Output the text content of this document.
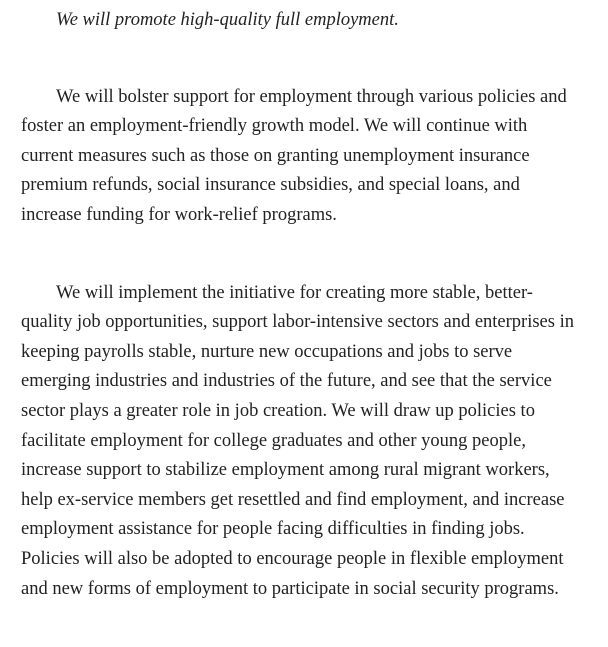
We will promote high-quality full employment.

We will bolster support for employment through various policies and foster an employment-friendly growth model. We will continue with current measures such as those on granting unemployment insurance premium refunds, social insurance subsidies, and special loans, and increase funding for work-relief programs.

We will implement the initiative for creating more stable, better-quality job opportunities, support labor-intensive sectors and enterprises in keeping payrolls stable, nurture new occupations and jobs to serve emerging industries and industries of the future, and see that the service sector plays a greater role in job creation. We will draw up policies to facilitate employment for college graduates and other young people, increase support to stabilize employment among rural migrant workers, help ex-service members get resettled and find employment, and increase employment assistance for people facing difficulties in finding jobs. Policies will also be adopted to encourage people in flexible employment and new forms of employment to participate in social security programs.
